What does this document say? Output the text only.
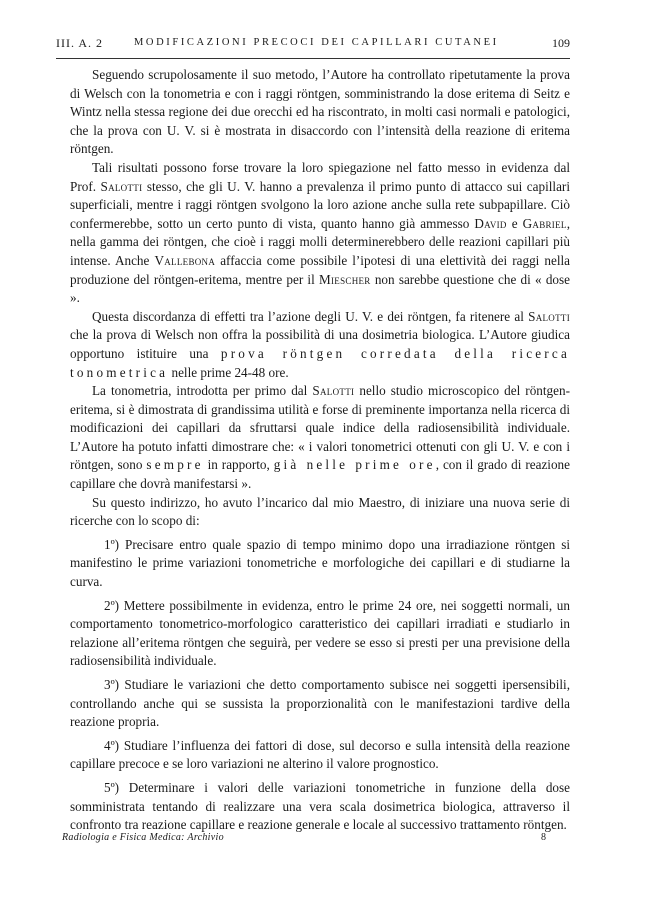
III. A. 2	MODIFICAZIONI PRECOCI DEI CAPILLARI CUTANEI	109

Seguendo scrupolosamente il suo metodo, l’Autore ha controllato ripetutamente la prova di Welsch con la tonometria e con i raggi röntgen, somministrando la dose eritema di Seitz e Wintz nella stessa regione dei due orecchi ed ha riscontrato, in molti casi normali e patologici, che la prova con U. V. si è mostrata in disaccordo con l’intensità della reazione di eritema röntgen.

Tali risultati possono forse trovare la loro spiegazione nel fatto messo in evidenza dal Prof. Salotti stesso, che gli U. V. hanno a prevalenza il primo punto di attacco sui capillari superficiali, mentre i raggi röntgen svolgono la loro azione anche sulla rete subpapillare. Ciò confermerebbe, sotto un certo punto di vista, quanto hanno già ammesso David e Gabriel, nella gamma dei röntgen, che cioè i raggi molli determinerebbero delle reazioni capillari più intense. Anche Vallebona affaccia come possibile l’ipotesi di una elettività dei raggi nella produzione del röntgen-eritema, mentre per il Miescher non sarebbe questione che di « dose ».

Questa discordanza di effetti tra l’azione degli U. V. e dei röntgen, fa ritenere al Salotti che la prova di Welsch non offra la possibilità di una dosimetria biologica. L’Autore giudica opportuno istituire una prova röntgen corredata della ricerca tonometrica nelle prime 24-48 ore.

La tonometria, introdotta per primo dal Salotti nello studio microscopico del röntgen-eritema, si è dimostrata di grandissima utilità e forse di preminente importanza nella ricerca di modificazioni dei capillari da sfruttarsi quale indice della radiosensibilità individuale. L’Autore ha potuto infatti dimostrare che: « i valori tonometrici ottenuti con gli U. V. e con i röntgen, sono sempre in rapporto, già nelle prime ore, con il grado di reazione capillare che dovrà manifestarsi ».

Su questo indirizzo, ho avuto l’incarico dal mio Maestro, di iniziare una nuova serie di ricerche con lo scopo di:

1º) Precisare entro quale spazio di tempo minimo dopo una irradiazione röntgen si manifestino le prime variazioni tonometriche e morfologiche dei capillari e di studiarne la curva.

2º) Mettere possibilmente in evidenza, entro le prime 24 ore, nei soggetti normali, un comportamento tonometrico-morfologico caratteristico dei capillari irradiati e studiarlo in relazione all’eritema röntgen che seguirà, per vedere se esso si presti per una previsione della radiosensibilità individuale.

3º) Studiare le variazioni che detto comportamento subisce nei soggetti ipersensibili, controllando anche qui se sussista la proporzionalità con le manifestazioni tardive della reazione propria.

4º) Studiare l’influenza dei fattori di dose, sul decorso e sulla intensità della reazione capillare precoce e se loro variazioni ne alterino il valore prognostico.

5º) Determinare i valori delle variazioni tonometriche in funzione della dose somministrata tentando di realizzare una vera scala dosimetrica biologica, attraverso il confronto tra reazione capillare e reazione generale e locale al successivo trattamento röntgen.

Radiologia e Fisica Medica: Archivio	8
